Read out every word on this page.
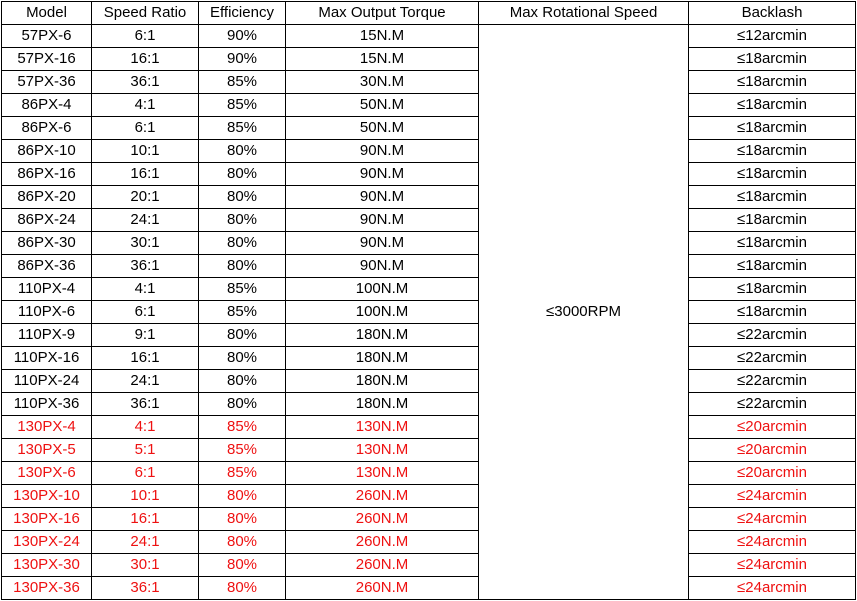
Model	Speed Ratio	Efficiency	Max Output Torque	Max Rotational Speed	Backlash
57PX-6	6:1	90%	15N.M	≤3000RPM	≤12arcmin
57PX-16	16:1	90%	15N.M		≤18arcmin
57PX-36	36:1	85%	30N.M		≤18arcmin
86PX-4	4:1	85%	50N.M		≤18arcmin
86PX-6	6:1	85%	50N.M		≤18arcmin
86PX-10	10:1	80%	90N.M		≤18arcmin
86PX-16	16:1	80%	90N.M		≤18arcmin
86PX-20	20:1	80%	90N.M		≤18arcmin
86PX-24	24:1	80%	90N.M		≤18arcmin
86PX-30	30:1	80%	90N.M		≤18arcmin
86PX-36	36:1	80%	90N.M		≤18arcmin
110PX-4	4:1	85%	100N.M		≤18arcmin
110PX-6	6:1	85%	100N.M		≤18arcmin
110PX-9	9:1	80%	180N.M		≤22arcmin
110PX-16	16:1	80%	180N.M		≤22arcmin
110PX-24	24:1	80%	180N.M		≤22arcmin
110PX-36	36:1	80%	180N.M		≤22arcmin
130PX-4	4:1	85%	130N.M		≤20arcmin
130PX-5	5:1	85%	130N.M		≤20arcmin
130PX-6	6:1	85%	130N.M		≤20arcmin
130PX-10	10:1	80%	260N.M		≤24arcmin
130PX-16	16:1	80%	260N.M		≤24arcmin
130PX-24	24:1	80%	260N.M		≤24arcmin
130PX-30	30:1	80%	260N.M		≤24arcmin
130PX-36	36:1	80%	260N.M		≤24arcmin
